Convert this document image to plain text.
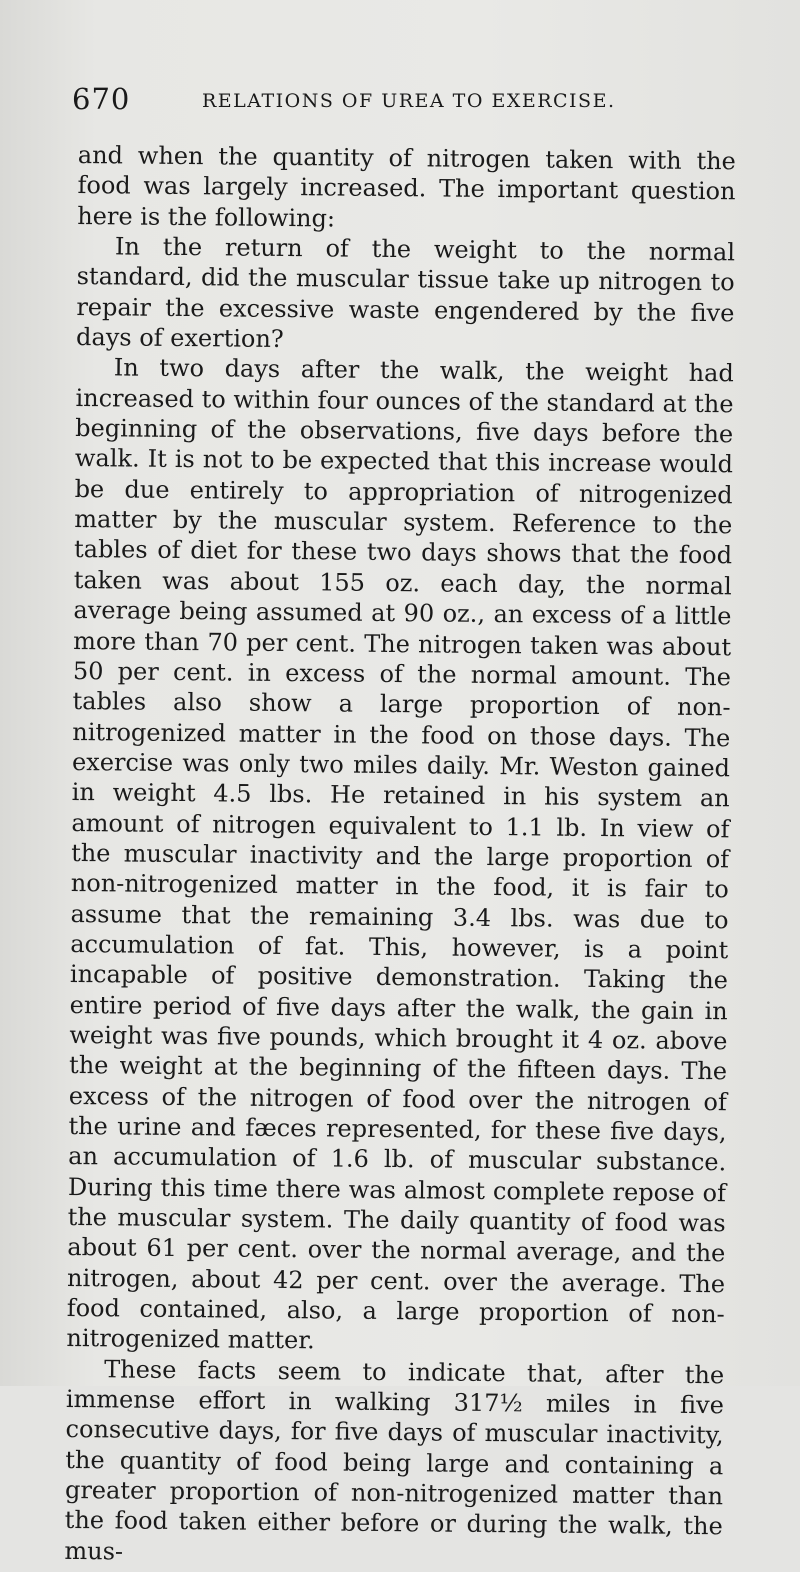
670	RELATIONS OF UREA TO EXERCISE.

and when the quantity of nitrogen taken with the food was largely increased. The important question here is the following:

In the return of the weight to the normal standard, did the muscular tissue take up nitrogen to repair the excessive waste engendered by the five days of exertion?

In two days after the walk, the weight had increased to within four ounces of the standard at the beginning of the observations, five days before the walk. It is not to be expected that this increase would be due entirely to appropriation of nitrogenized matter by the muscular system. Reference to the tables of diet for these two days shows that the food taken was about 155 oz. each day, the normal average being assumed at 90 oz., an excess of a little more than 70 per cent. The nitrogen taken was about 50 per cent. in excess of the normal amount. The tables also show a large proportion of non-nitrogenized matter in the food on those days. The exercise was only two miles daily. Mr. Weston gained in weight 4.5 lbs. He retained in his system an amount of nitrogen equivalent to 1.1 lb. In view of the muscular inactivity and the large proportion of non-nitrogenized matter in the food, it is fair to assume that the remaining 3.4 lbs. was due to accumulation of fat. This, however, is a point incapable of positive demonstration. Taking the entire period of five days after the walk, the gain in weight was five pounds, which brought it 4 oz. above the weight at the beginning of the fifteen days. The excess of the nitrogen of food over the nitrogen of the urine and fæces represented, for these five days, an accumulation of 1.6 lb. of muscular substance. During this time there was almost complete repose of the muscular system. The daily quantity of food was about 61 per cent. over the normal average, and the nitrogen, about 42 per cent. over the average. The food contained, also, a large proportion of non-nitrogenized matter.

These facts seem to indicate that, after the immense effort in walking 317½ miles in five consecutive days, for five days of muscular inactivity, the quantity of food being large and containing a greater proportion of non-nitrogenized matter than the food taken either before or during the walk, the mus-
